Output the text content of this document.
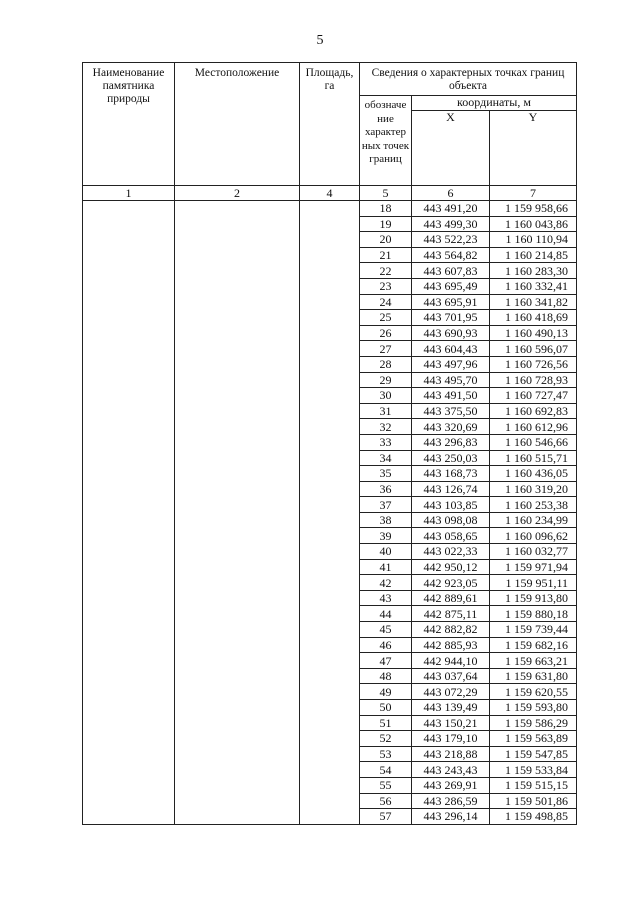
5
Наименование памятника природы	Местоположение	Площадь, га	Сведения о характерных точках границ объекта		
			обозначе ние характер ных точек границ	координаты, м	
				X	Y
1	2	4	5	6	7
			18	443 491,20	1 159 958,66
			19	443 499,30	1 160 043,86
			20	443 522,23	1 160 110,94
			21	443 564,82	1 160 214,85
			22	443 607,83	1 160 283,30
			23	443 695,49	1 160 332,41
			24	443 695,91	1 160 341,82
			25	443 701,95	1 160 418,69
			26	443 690,93	1 160 490,13
			27	443 604,43	1 160 596,07
			28	443 497,96	1 160 726,56
			29	443 495,70	1 160 728,93
			30	443 491,50	1 160 727,47
			31	443 375,50	1 160 692,83
			32	443 320,69	1 160 612,96
			33	443 296,83	1 160 546,66
			34	443 250,03	1 160 515,71
			35	443 168,73	1 160 436,05
			36	443 126,74	1 160 319,20
			37	443 103,85	1 160 253,38
			38	443 098,08	1 160 234,99
			39	443 058,65	1 160 096,62
			40	443 022,33	1 160 032,77
			41	442 950,12	1 159 971,94
			42	442 923,05	1 159 951,11
			43	442 889,61	1 159 913,80
			44	442 875,11	1 159 880,18
			45	442 882,82	1 159 739,44
			46	442 885,93	1 159 682,16
			47	442 944,10	1 159 663,21
			48	443 037,64	1 159 631,80
			49	443 072,29	1 159 620,55
			50	443 139,49	1 159 593,80
			51	443 150,21	1 159 586,29
			52	443 179,10	1 159 563,89
			53	443 218,88	1 159 547,85
			54	443 243,43	1 159 533,84
			55	443 269,91	1 159 515,15
			56	443 286,59	1 159 501,86
			57	443 296,14	1 159 498,85
